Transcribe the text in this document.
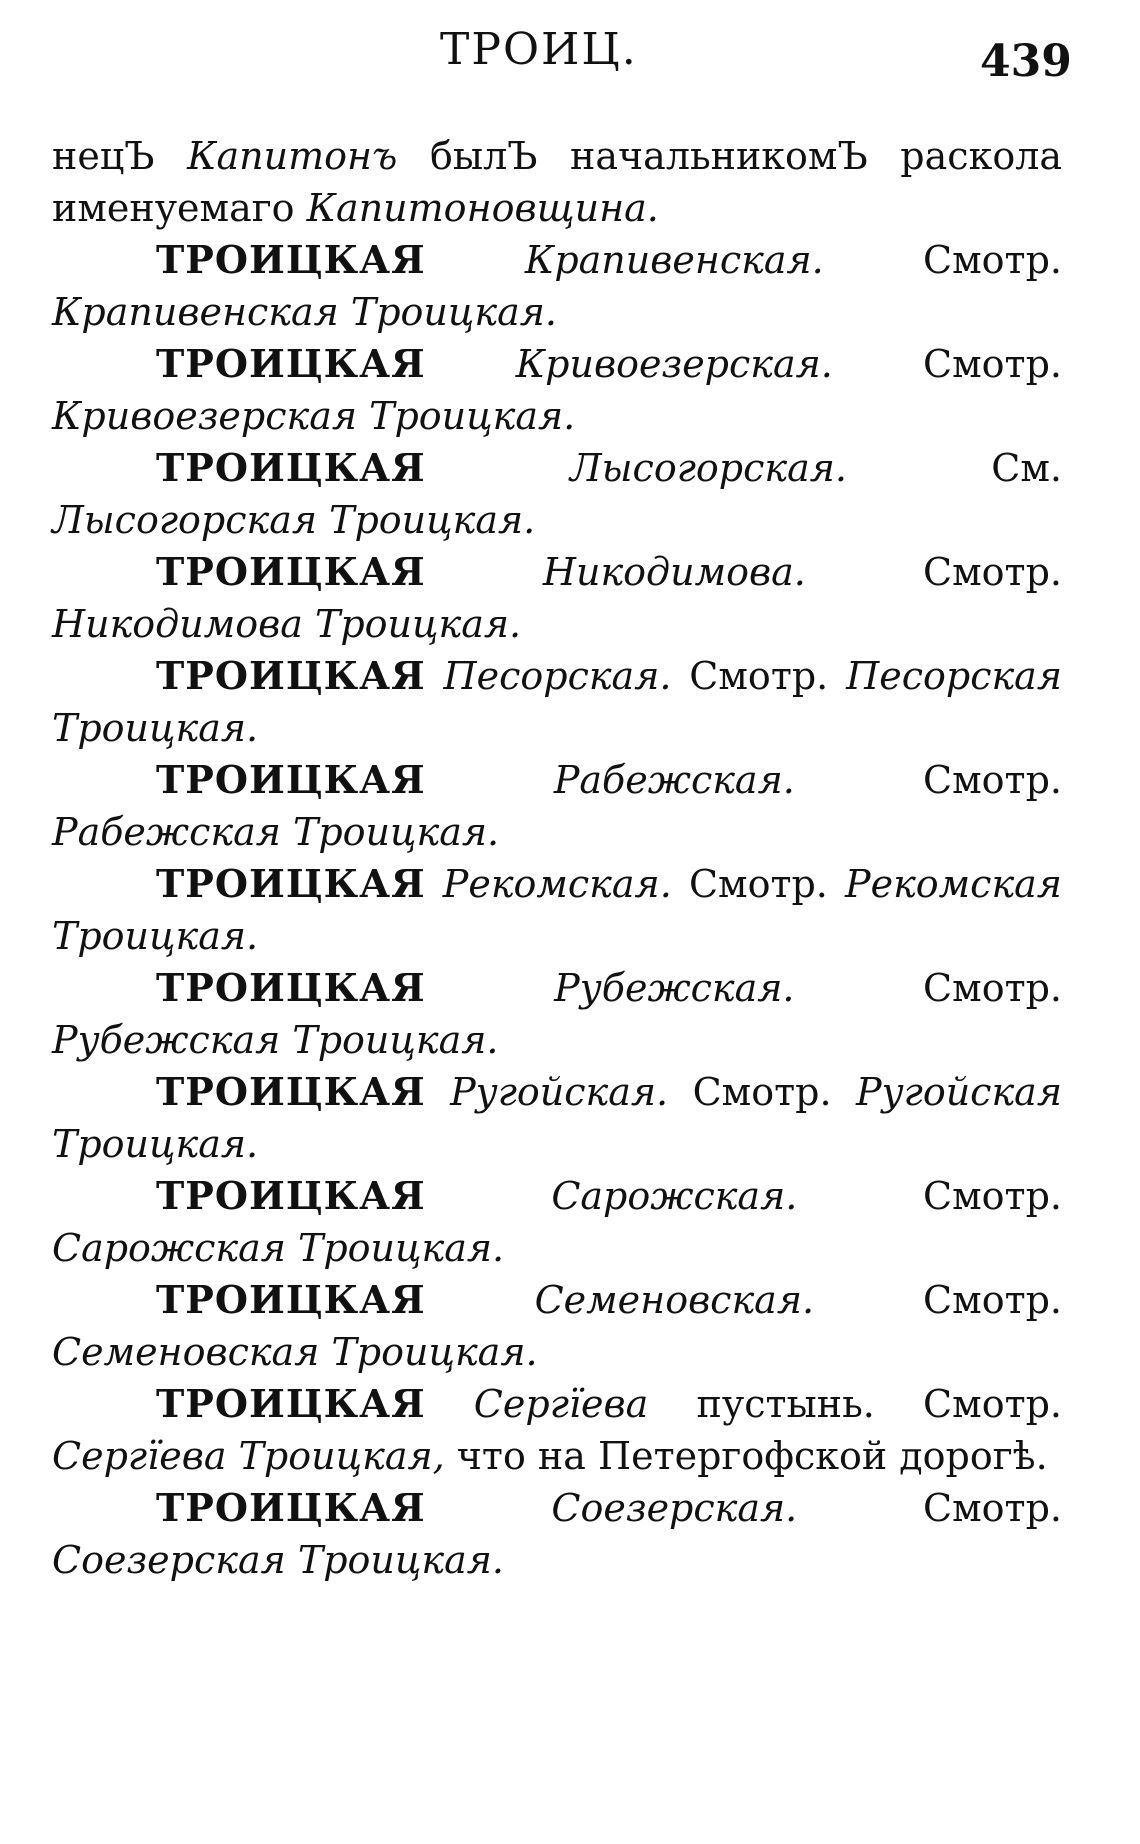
ТРОИЦ.	439

нецЪ Капитонъ былЪ начальникомЪ раскола именуемаго Капитоновщина.

ТРОИЦКАЯ Крапивенская. Смотр. Крапивенская Троицкая.

ТРОИЦКАЯ Кривоезерская. Смотр. Кривоезерская Троицкая.

ТРОИЦКАЯ Лысогорская. См. Лысогорская Троицкая.

ТРОИЦКАЯ Никодимова. Смотр. Никодимова Троицкая.

ТРОИЦКАЯ Песорская. Смотр. Песорская Троицкая.

ТРОИЦКАЯ Рабежская. Смотр. Рабежская Троицкая.

ТРОИЦКАЯ Рекомская. Смотр. Рекомская Троицкая.

ТРОИЦКАЯ Рубежская. Смотр. Рубежская Троицкая.

ТРОИЦКАЯ Ругойская. Смотр. Ругойская Троицкая.

ТРОИЦКАЯ Сарожская. Смотр. Сарожская Троицкая.

ТРОИЦКАЯ Семеновская. Смотр. Семеновская Троицкая.

ТРОИЦКАЯ Сергїева пустынь. Смотр. Сергїева Троицкая, что на Петергофской дорогѣ.

ТРОИЦКАЯ Соезерская. Смотр. Соезерская Троицкая.
